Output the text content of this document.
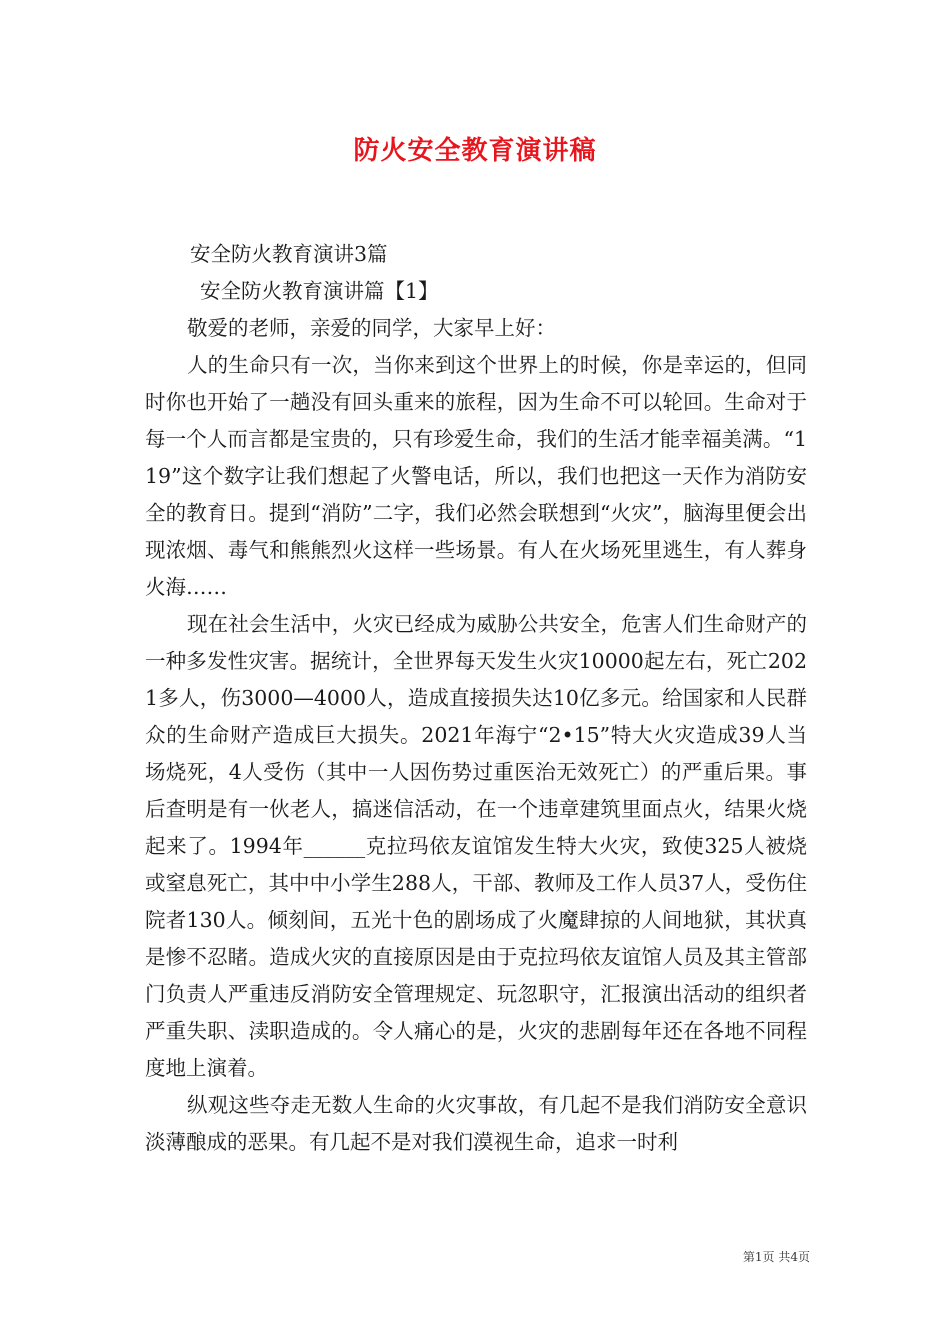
防火安全教育演讲稿

安全防火教育演讲3篇

安全防火教育演讲篇【1】

敬爱的老师，亲爱的同学，大家早上好：

人的生命只有一次，当你来到这个世界上的时候，你是幸运的，但同时你也开始了一趟没有回头重来的旅程，因为生命不可以轮回。生命对于每一个人而言都是宝贵的，只有珍爱生命，我们的生活才能幸福美满。“119”这个数字让我们想起了火警电话，所以，我们也把这一天作为消防安全的教育日。提到“消防”二字，我们必然会联想到“火灾”，脑海里便会出现浓烟、毒气和熊熊烈火这样一些场景。有人在火场死里逃生，有人葬身火海……

现在社会生活中，火灾已经成为威胁公共安全，危害人们生命财产的一种多发性灾害。据统计，全世界每天发生火灾10000起左右，死亡2021多人，伤3000—4000人，造成直接损失达10亿多元。给国家和人民群众的生命财产造成巨大损失。2021年海宁“2•15”特大火灾造成39人当场烧死，4人受伤（其中一人因伤势过重医治无效死亡）的严重后果。事后查明是有一伙老人，搞迷信活动，在一个违章建筑里面点火，结果火烧起来了。1994年______克拉玛依友谊馆发生特大火灾，致使325人被烧或窒息死亡，其中中小学生288人，干部、教师及工作人员37人，受伤住院者130人。倾刻间，五光十色的剧场成了火魔肆掠的人间地狱，其状真是惨不忍睹。造成火灾的直接原因是由于克拉玛依友谊馆人员及其主管部门负责人严重违反消防安全管理规定、玩忽职守，汇报演出活动的组织者严重失职、渎职造成的。令人痛心的是，火灾的悲剧每年还在各地不同程度地上演着。

纵观这些夺走无数人生命的火灾事故，有几起不是我们消防安全意识淡薄酿成的恶果。有几起不是对我们漠视生命，追求一时利

第1页 共4页
